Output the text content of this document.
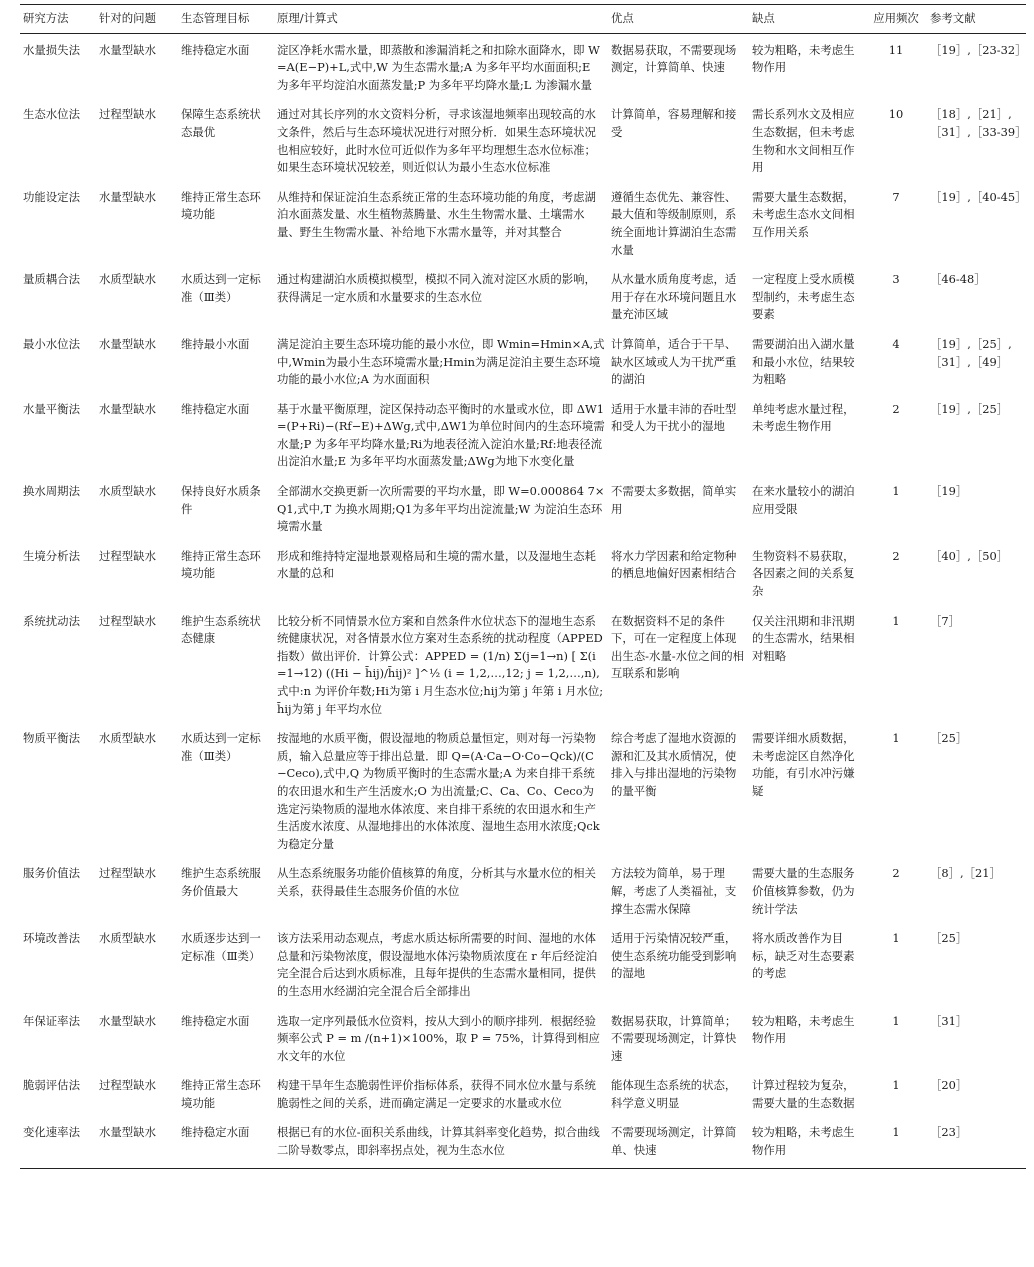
研究方法	针对的问题	生态管理目标	原理/计算式	优点	缺点	应用频次	参考文献
水量损失法	水量型缺水	维持稳定水面	淀区净耗水需水量，即蒸散和渗漏消耗之和扣除水面降水，即 W=A(E−P)+L,式中,W 为生态需水量;A 为多年平均水面面积;E 为多年平均淀泊水面蒸发量;P 为多年平均降水量;L 为渗漏水量	数据易获取，不需要现场测定，计算简单、快速	较为粗略，未考虑生物作用	11	［19］,［23-32］
生态水位法	过程型缺水	保障生态系统状态最优	通过对其长序列的水文资料分析，寻求该湿地频率出现较高的水文条件，然后与生态环境状况进行对照分析．如果生态环境状况也相应较好，此时水位可近似作为多年平均理想生态水位标准；如果生态环境状况较差，则近似认为最小生态水位标准	计算简单，容易理解和接受	需长系列水文及相应生态数据，但未考虑生物和水文间相互作用	10	［18］,［21］,［31］,［33-39］
功能设定法	水量型缺水	维持正常生态环境功能	从维持和保证淀泊生态系统正常的生态环境功能的角度，考虑湖泊水面蒸发量、水生植物蒸腾量、水生生物需水量、土壤需水量、野生生物需水量、补给地下水需水量等，并对其整合	遵循生态优先、兼容性、最大值和等级制原则，系统全面地计算湖泊生态需水量	需要大量生态数据，未考虑生态水文间相互作用关系	7	［19］,［40-45］
量质耦合法	水质型缺水	水质达到一定标准（Ⅲ类）	通过构建湖泊水质模拟模型，模拟不同入流对淀区水质的影响，获得满足一定水质和水量要求的生态水位	从水量水质角度考虑，适用于存在水环境问题且水量充沛区域	一定程度上受水质模型制约，未考虑生态要素	3	［46-48］
最小水位法	水量型缺水	维持最小水面	满足淀泊主要生态环境功能的最小水位，即 Wmin=Hmin×A,式中,Wmin为最小生态环境需水量;Hmin为满足淀泊主要生态环境功能的最小水位;A 为水面面积	计算简单，适合于干旱、缺水区域或人为干扰严重的湖泊	需要湖泊出入湖水量和最小水位，结果较为粗略	4	［19］,［25］,［31］,［49］
水量平衡法	水量型缺水	维持稳定水面	基于水量平衡原理，淀区保持动态平衡时的水量或水位，即 ΔW1=(P+Ri)−(Rf−E)+ΔWg,式中,ΔW1为单位时间内的生态环境需水量;P 为多年平均降水量;Ri为地表径流入淀泊水量;Rf:地表径流出淀泊水量;E 为多年平均水面蒸发量;ΔWg为地下水变化量	适用于水量丰沛的吞吐型和受人为干扰小的湿地	单纯考虑水量过程，未考虑生物作用	2	［19］,［25］
换水周期法	水质型缺水	保持良好水质条件	全部湖水交换更新一次所需要的平均水量，即 W=0.000864 7×Q1,式中,T 为换水周期;Q1为多年平均出淀流量;W 为淀泊生态环境需水量	不需要太多数据，简单实用	在来水量较小的湖泊应用受限	1	［19］
生境分析法	过程型缺水	维持正常生态环境功能	形成和维持特定湿地景观格局和生境的需水量，以及湿地生态耗水量的总和	将水力学因素和给定物种的栖息地偏好因素相结合	生物资料不易获取，各因素之间的关系复杂	2	［40］,［50］
系统扰动法	过程型缺水	维护生态系统状态健康	比较分析不同情景水位方案和自然条件水位状态下的湿地生态系统健康状况，对各情景水位方案对生态系统的扰动程度（APPED 指数）做出评价．计算公式：APPED = (1/n) Σ(j=1→n) [ Σ(i=1→12) ((Hi − h̄ij)/h̄ij)² ]^½ (i = 1,2,…,12; j = 1,2,…,n),式中:n 为评价年数;Hi为第 i 月生态水位;hij为第 j 年第 i 月水位; h̄ij为第 j 年平均水位	在数据资料不足的条件下，可在一定程度上体现出生态-水量-水位之间的相互联系和影响	仅关注汛期和非汛期的生态需水，结果相对粗略	1	［7］
物质平衡法	水质型缺水	水质达到一定标准（Ⅲ类）	按湿地的水质平衡，假设湿地的物质总量恒定，则对每一污染物质，输入总量应等于排出总量．即 Q=(A·Ca−O·Co−Qck)/(C−Ceco),式中,Q 为物质平衡时的生态需水量;A 为来自排干系统的农田退水和生产生活废水;O 为出流量;C、Ca、Co、Ceco为选定污染物质的湿地水体浓度、来自排干系统的农田退水和生产生活废水浓度、从湿地排出的水体浓度、湿地生态用水浓度;Qck为稳定分量	综合考虑了湿地水资源的源和汇及其水质情况，使排入与排出湿地的污染物的量平衡	需要详细水质数据，未考虑淀区自然净化功能，有引水冲污嫌疑	1	［25］
服务价值法	过程型缺水	维护生态系统服务价值最大	从生态系统服务功能价值核算的角度，分析其与水量水位的相关关系，获得最佳生态服务价值的水位	方法较为简单，易于理解，考虑了人类福祉，支撑生态需水保障	需要大量的生态服务价值核算参数，仍为统计学法	2	［8］,［21］
环境改善法	水质型缺水	水质逐步达到一定标准（Ⅲ类）	该方法采用动态观点，考虑水质达标所需要的时间、湿地的水体总量和污染物浓度，假设湿地水体污染物质浓度在 r 年后经淀泊完全混合后达到水质标准，且每年提供的生态需水量相同，提供的生态用水经湖泊完全混合后全部排出	适用于污染情况较严重，使生态系统功能受到影响的湿地	将水质改善作为目标，缺乏对生态要素的考虑	1	［25］
年保证率法	水量型缺水	维持稳定水面	选取一定序列最低水位资料，按从大到小的顺序排列．根据经验频率公式 P = m /(n+1)×100%，取 P = 75%，计算得到相应水文年的水位	数据易获取，计算简单；不需要现场测定，计算快速	较为粗略，未考虑生物作用	1	［31］
脆弱评估法	过程型缺水	维持正常生态环境功能	构建干旱年生态脆弱性评价指标体系，获得不同水位水量与系统脆弱性之间的关系，进而确定满足一定要求的水量或水位	能体现生态系统的状态，科学意义明显	计算过程较为复杂，需要大量的生态数据	1	［20］
变化速率法	水量型缺水	维持稳定水面	根据已有的水位-面积关系曲线，计算其斜率变化趋势，拟合曲线二阶导数零点，即斜率拐点处，视为生态水位	不需要现场测定，计算简单、快速	较为粗略，未考虑生物作用	1	［23］
